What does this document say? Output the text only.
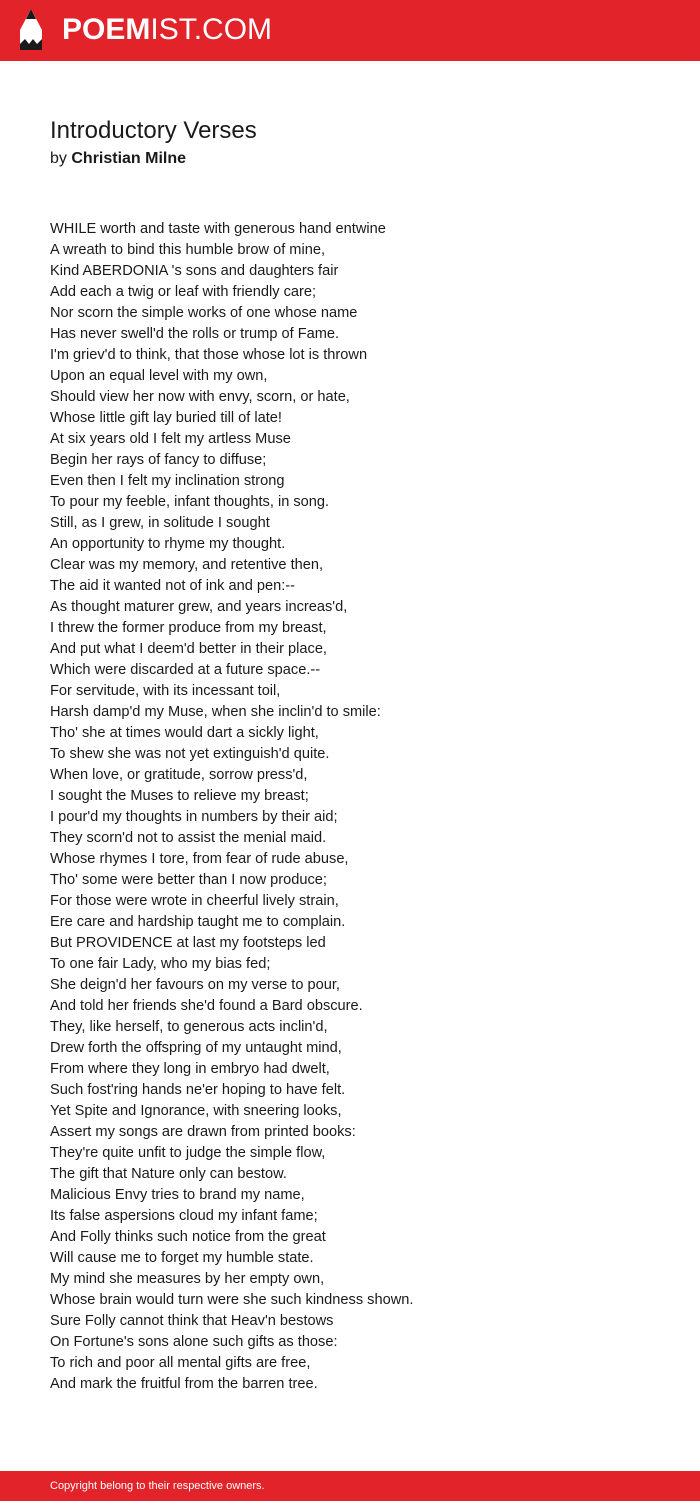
POEMIST.COM
Introductory Verses
by Christian Milne
WHILE worth and taste with generous hand entwine
A wreath to bind this humble brow of mine,
Kind ABERDONIA 's sons and daughters fair
Add each a twig or leaf with friendly care;
Nor scorn the simple works of one whose name
Has never swell'd the rolls or trump of Fame.
I'm griev'd to think, that those whose lot is thrown
Upon an equal level with my own,
Should view her now with envy, scorn, or hate,
Whose little gift lay buried till of late!
At six years old I felt my artless Muse
Begin her rays of fancy to diffuse;
Even then I felt my inclination strong
To pour my feeble, infant thoughts, in song.
Still, as I grew, in solitude I sought
An opportunity to rhyme my thought.
Clear was my memory, and retentive then,
The aid it wanted not of ink and pen:--
As thought maturer grew, and years increas'd,
I threw the former produce from my breast,
And put what I deem'd better in their place,
Which were discarded at a future space.--
For servitude, with its incessant toil,
Harsh damp'd my Muse, when she inclin'd to smile:
Tho' she at times would dart a sickly light,
To shew she was not yet extinguish'd quite.
When love, or gratitude, sorrow press'd,
I sought the Muses to relieve my breast;
I pour'd my thoughts in numbers by their aid;
They scorn'd not to assist the menial maid.
Whose rhymes I tore, from fear of rude abuse,
Tho' some were better than I now produce;
For those were wrote in cheerful lively strain,
Ere care and hardship taught me to complain.
But PROVIDENCE at last my footsteps led
To one fair Lady, who my bias fed;
She deign'd her favours on my verse to pour,
And told her friends she'd found a Bard obscure.
They, like herself, to generous acts inclin'd,
Drew forth the offspring of my untaught mind,
From where they long in embryo had dwelt,
Such fost'ring hands ne'er hoping to have felt.
Yet Spite and Ignorance, with sneering looks,
Assert my songs are drawn from printed books:
They're quite unfit to judge the simple flow,
The gift that Nature only can bestow.
Malicious Envy tries to brand my name,
Its false aspersions cloud my infant fame;
And Folly thinks such notice from the great
Will cause me to forget my humble state.
My mind she measures by her empty own,
Whose brain would turn were she such kindness shown.
Sure Folly cannot think that Heav'n bestows
On Fortune's sons alone such gifts as those:
To rich and poor all mental gifts are free,
And mark the fruitful from the barren tree.
Copyright belong to their respective owners.
